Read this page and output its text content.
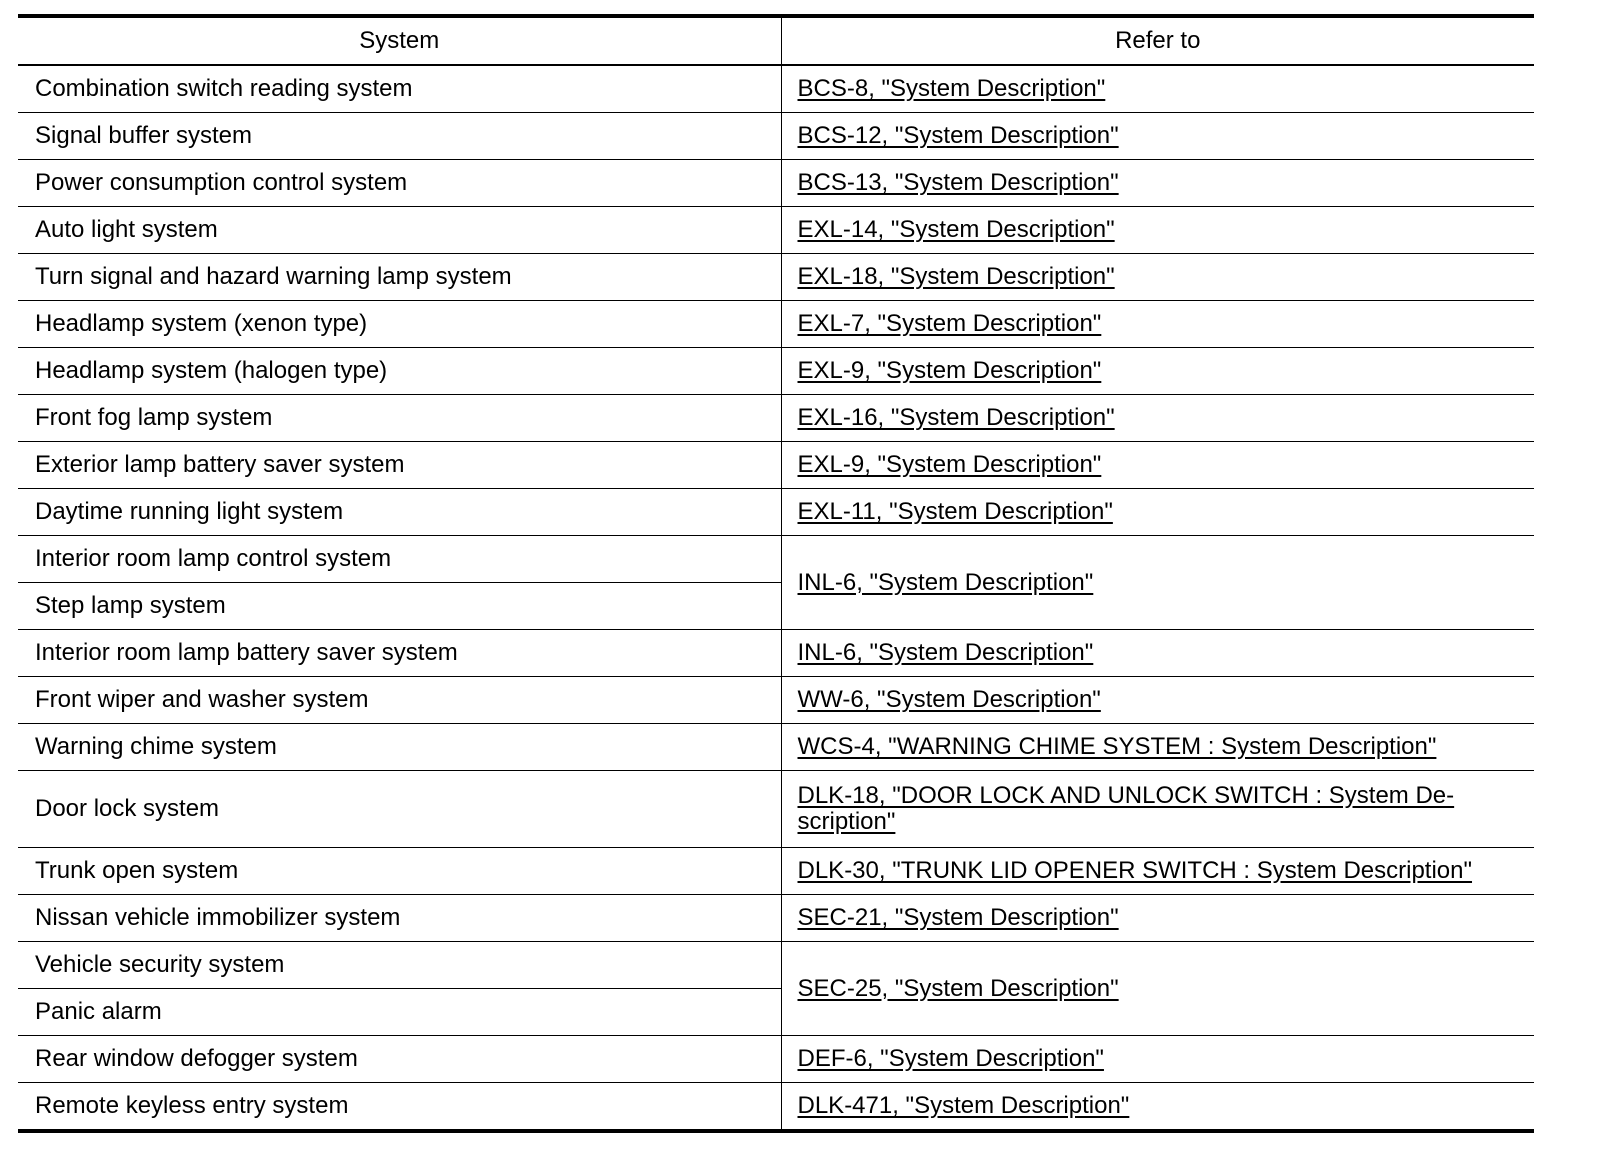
System	Refer to
Combination switch reading system	BCS-8, "System Description"
Signal buffer system	BCS-12, "System Description"
Power consumption control system	BCS-13, "System Description"
Auto light system	EXL-14, "System Description"
Turn signal and hazard warning lamp system	EXL-18, "System Description"
Headlamp system (xenon type)	EXL-7, "System Description"
Headlamp system (halogen type)	EXL-9, "System Description"
Front fog lamp system	EXL-16, "System Description"
Exterior lamp battery saver system	EXL-9, "System Description"
Daytime running light system	EXL-11, "System Description"
Interior room lamp control system	INL-6, "System Description"
Step lamp system	
Interior room lamp battery saver system	INL-6, "System Description"
Front wiper and washer system	WW-6, "System Description"
Warning chime system	WCS-4, "WARNING CHIME SYSTEM : System Description"
Door lock system	DLK-18, "DOOR LOCK AND UNLOCK SWITCH : System De-scription"
Trunk open system	DLK-30, "TRUNK LID OPENER SWITCH : System Description"
Nissan vehicle immobilizer system	SEC-21, "System Description"
Vehicle security system	SEC-25, "System Description"
Panic alarm	
Rear window defogger system	DEF-6, "System Description"
Remote keyless entry system	DLK-471, "System Description"
